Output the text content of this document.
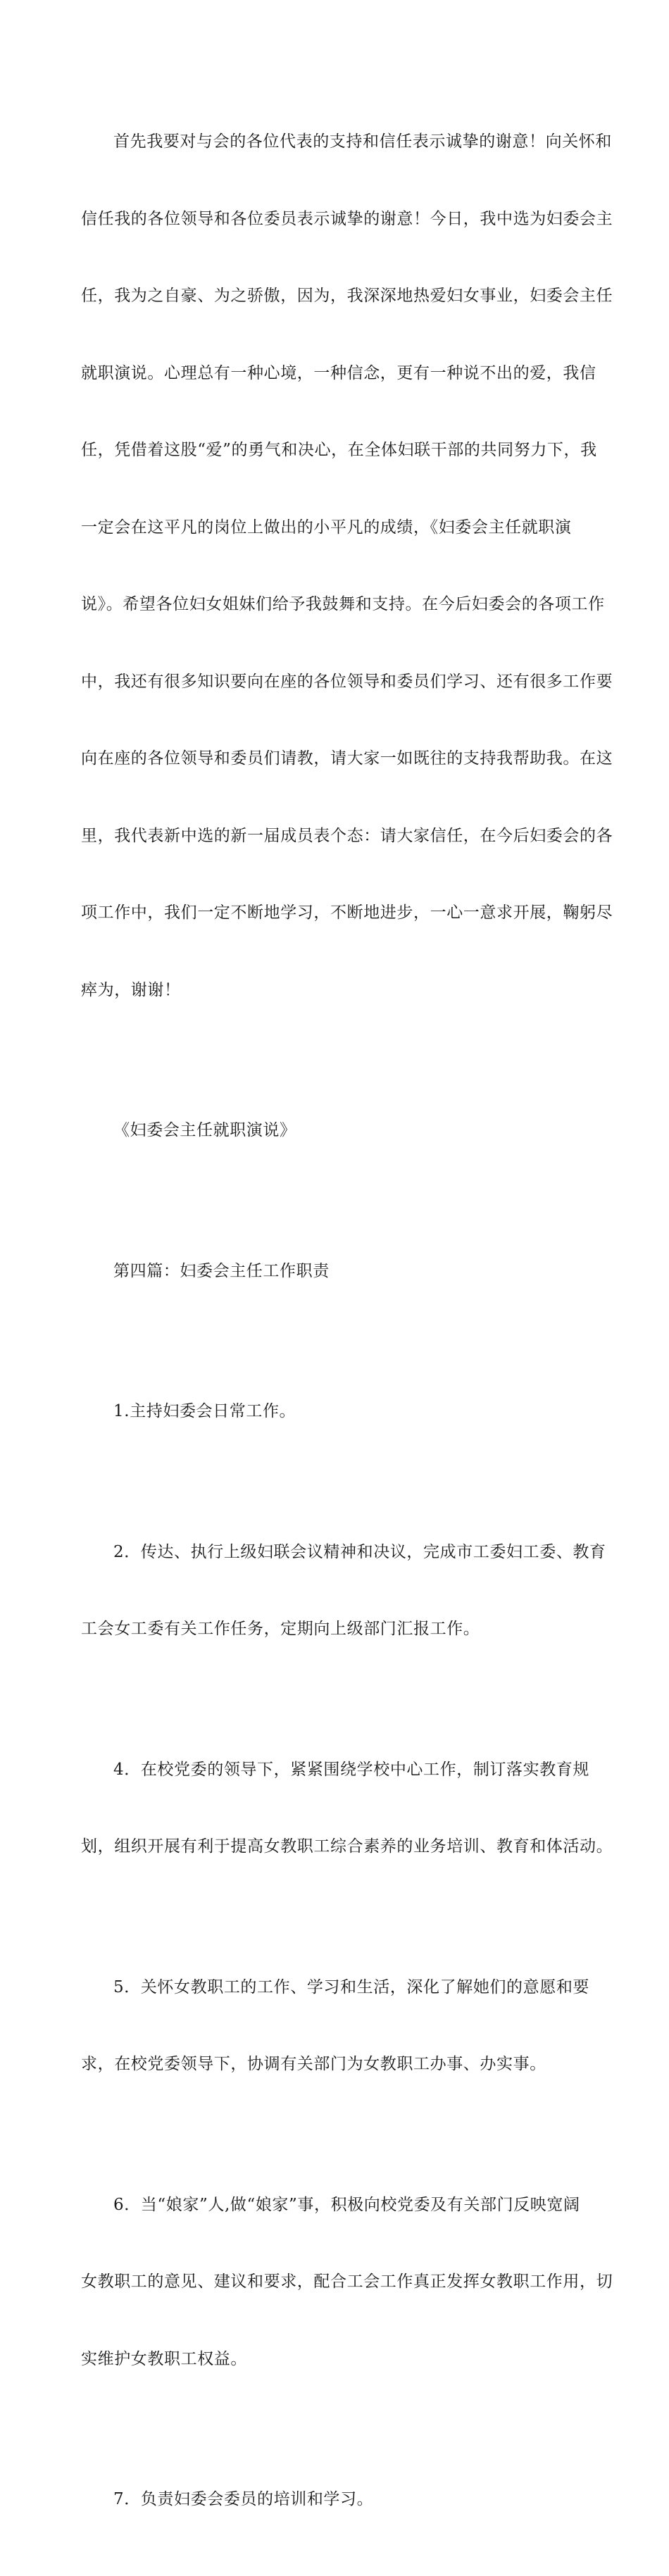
首先我要对与会的各位代表的支持和信任表示诚挚的谢意！向关怀和

信任我的各位领导和各位委员表示诚挚的谢意！今日，我中选为妇委会主

任，我为之自豪、为之骄傲，因为，我深深地热爱妇女事业，妇委会主任

就职演说。心理总有一种心境，一种信念，更有一种说不出的爱，我信

任，凭借着这股“爱”的勇气和决心，在全体妇联干部的共同努力下，我

一定会在这平凡的岗位上做出的小平凡的成绩，《妇委会主任就职演

说》。希望各位妇女姐妹们给予我鼓舞和支持。在今后妇委会的各项工作

中，我还有很多知识要向在座的各位领导和委员们学习、还有很多工作要

向在座的各位领导和委员们请教，请大家一如既往的支持我帮助我。在这

里，我代表新中选的新一届成员表个态：请大家信任，在今后妇委会的各

项工作中，我们一定不断地学习，不断地进步，一心一意求开展，鞠躬尽

瘁为，谢谢！

《妇委会主任就职演说》

第四篇：妇委会主任工作职责

1.主持妇委会日常工作。

2．传达、执行上级妇联会议精神和决议，完成市工委妇工委、教育

工会女工委有关工作任务，定期向上级部门汇报工作。

4．在校党委的领导下，紧紧围绕学校中心工作，制订落实教育规

划，组织开展有利于提高女教职工综合素养的业务培训、教育和体活动。

5．关怀女教职工的工作、学习和生活，深化了解她们的意愿和要

求，在校党委领导下，协调有关部门为女教职工办事、办实事。

6．当“娘家”人,做“娘家”事，积极向校党委及有关部门反映宽阔

女教职工的意见、建议和要求，配合工会工作真正发挥女教职工作用，切

实维护女教职工权益。

7．负责妇委会委员的培训和学习。
